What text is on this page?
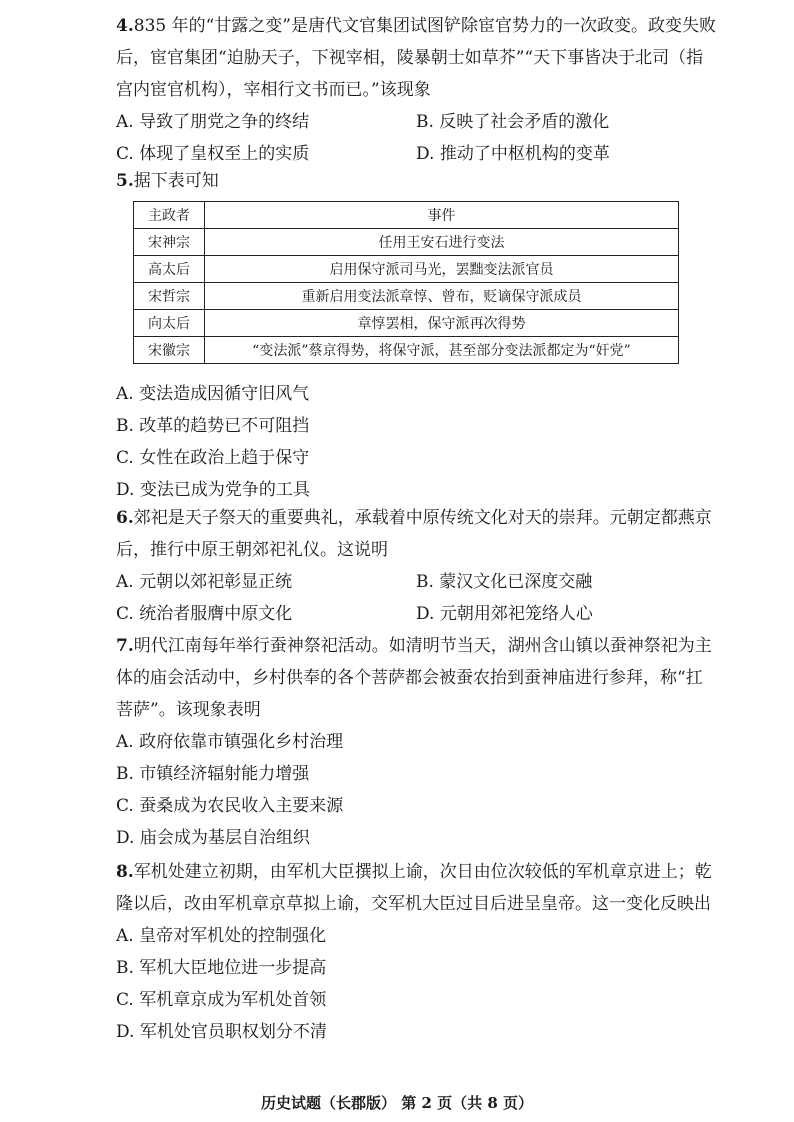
4.835 年的“甘露之变”是唐代文官集团试图铲除宦官势力的一次政变。政变失败后，宦官集团“迫胁天子，下视宰相，陵暴朝士如草芥”“天下事皆决于北司（指宫内宦官机构），宰相行文书而已。”该现象

A. 导致了朋党之争的终结	B. 反映了社会矛盾的激化
C. 体现了皇权至上的实质	D. 推动了中枢机构的变革

5.据下表可知

主政者	事件
宋神宗	任用王安石进行变法
高太后	启用保守派司马光，罢黜变法派官员
宋哲宗	重新启用变法派章惇、曾布，贬谪保守派成员
向太后	章惇罢相，保守派再次得势
宋徽宗	“变法派”蔡京得势，将保守派，甚至部分变法派都定为“奸党”
A. 变法造成因循守旧风气
B. 改革的趋势已不可阻挡
C. 女性在政治上趋于保守
D. 变法已成为党争的工具

6.郊祀是天子祭天的重要典礼，承载着中原传统文化对天的崇拜。元朝定都燕京后，推行中原王朝郊祀礼仪。这说明

A. 元朝以郊祀彰显正统	B. 蒙汉文化已深度交融
C. 统治者服膺中原文化	D. 元朝用郊祀笼络人心

7.明代江南每年举行蚕神祭祀活动。如清明节当天，湖州含山镇以蚕神祭祀为主体的庙会活动中，乡村供奉的各个菩萨都会被蚕农抬到蚕神庙进行参拜，称“扛菩萨”。该现象表明

A. 政府依靠市镇强化乡村治理
B. 市镇经济辐射能力增强
C. 蚕桑成为农民收入主要来源
D. 庙会成为基层自治组织

8.军机处建立初期，由军机大臣撰拟上谕，次日由位次较低的军机章京进上；乾隆以后，改由军机章京草拟上谕，交军机大臣过目后进呈皇帝。这一变化反映出

A. 皇帝对军机处的控制强化
B. 军机大臣地位进一步提高
C. 军机章京成为军机处首领
D. 军机处官员职权划分不清
历史试题（长郡版） 第 2 页（共 8 页）
